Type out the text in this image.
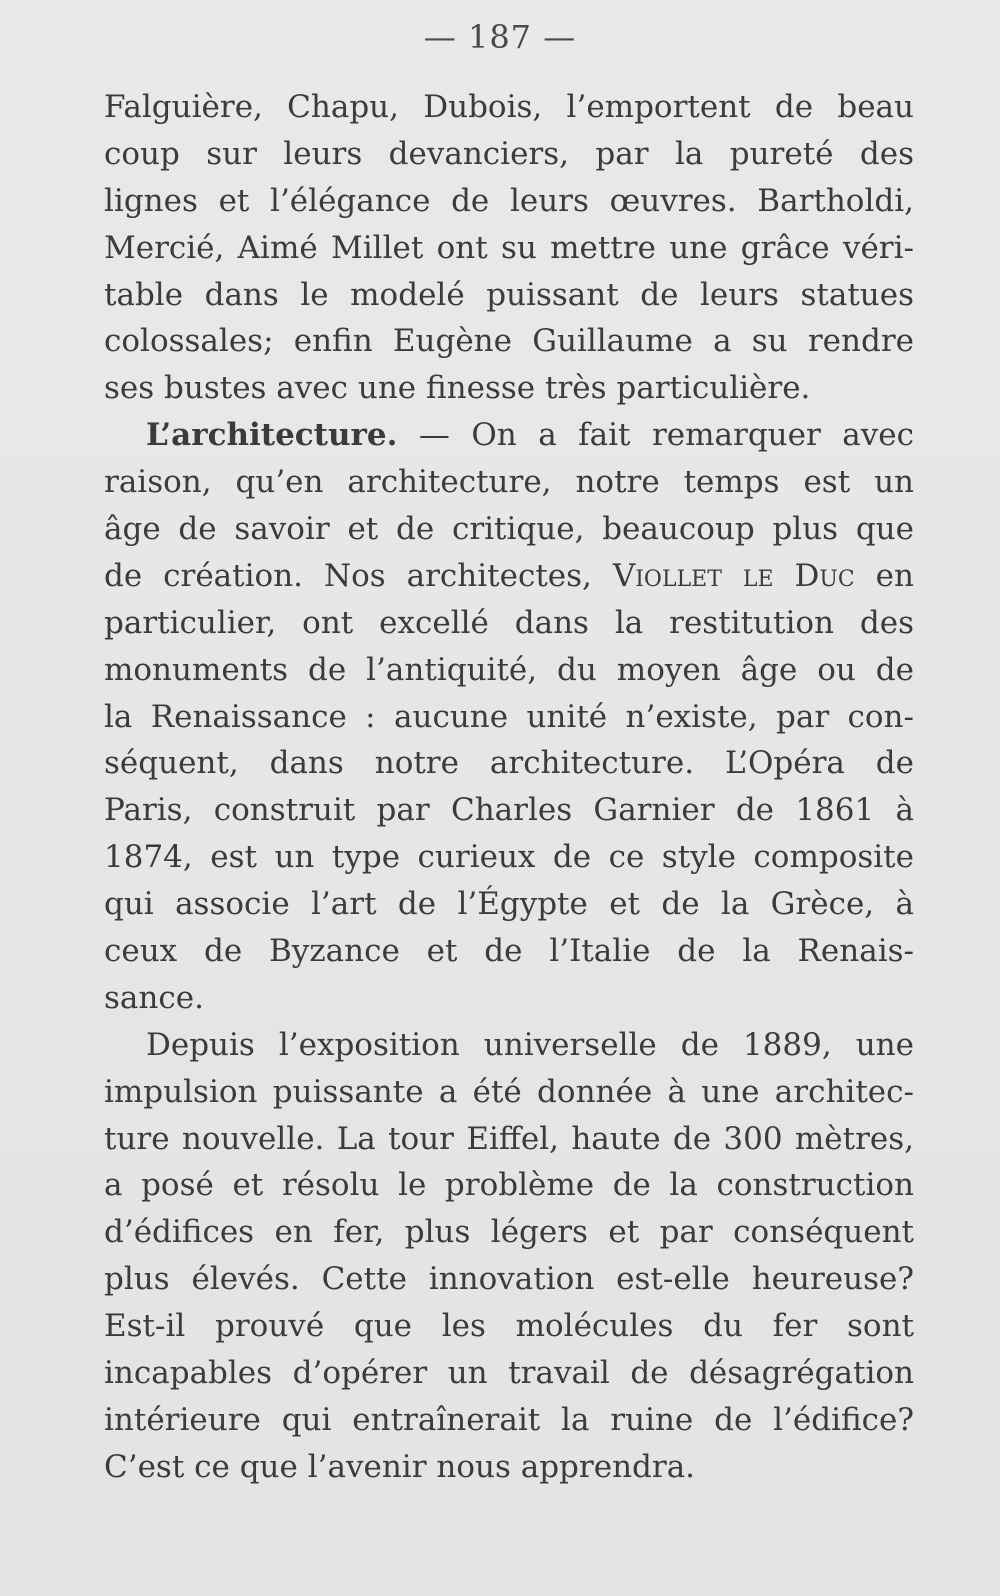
— 187 —
Falguière, Chapu, Dubois, l’emportent de beau
coup sur leurs devanciers, par la pureté des
lignes et l’élégance de leurs œuvres. Bartholdi,
Mercié, Aimé Millet ont su mettre une grâce véri-
table dans le modelé puissant de leurs statues
colossales; enfin Eugène Guillaume a su rendre
ses bustes avec une finesse très particulière.
L’architecture. — On a fait remarquer avec
raison, qu’en architecture, notre temps est un
âge de savoir et de critique, beaucoup plus que
de création. Nos architectes, Viollet le Duc en
particulier, ont excellé dans la restitution des
monuments de l’antiquité, du moyen âge ou de
la Renaissance : aucune unité n’existe, par con-
séquent, dans notre architecture. L’Opéra de
Paris, construit par Charles Garnier de 1861 à
1874, est un type curieux de ce style composite
qui associe l’art de l’Égypte et de la Grèce, à
ceux de Byzance et de l’Italie de la Renais-
sance.
Depuis l’exposition universelle de 1889, une
impulsion puissante a été donnée à une architec-
ture nouvelle. La tour Eiffel, haute de 300 mètres,
a posé et résolu le problème de la construction
d’édifices en fer, plus légers et par conséquent
plus élevés. Cette innovation est-elle heureuse?
Est-il prouvé que les molécules du fer sont
incapables d’opérer un travail de désagrégation
intérieure qui entraînerait la ruine de l’édifice?
C’est ce que l’avenir nous apprendra.
